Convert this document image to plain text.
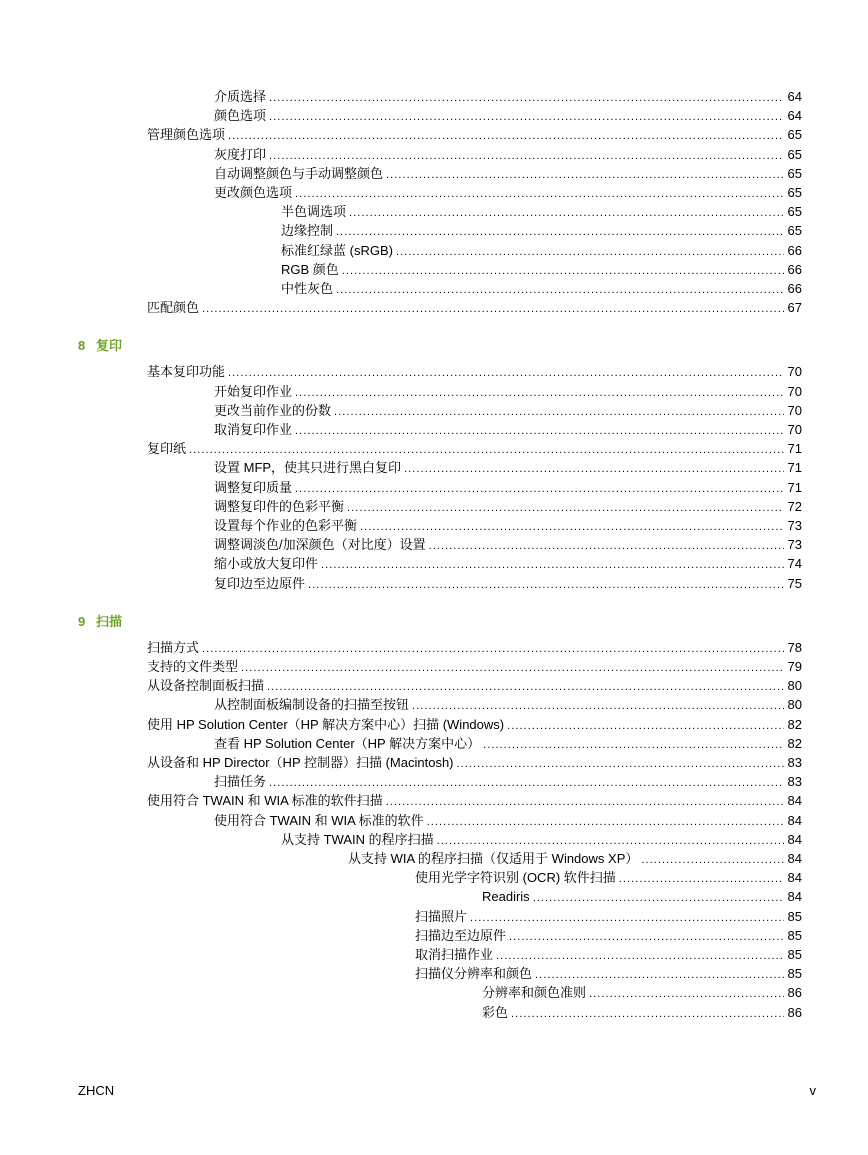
介质选择 . . .	64
颜色选项 . . .	64
管理颜色选项 . . .	65
灰度打印 . . .	65
自动调整颜色与手动调整颜色 . . .	65
更改颜色选项 . . .	65
半色调选项 . . .	65
边缘控制 . . .	65
标准红绿蓝 (sRGB) . . .	66
RGB 颜色 . . .	66
中性灰色 . . .	66
匹配颜色 . . .	67
8 复印
基本复印功能 . . .	70
开始复印作业 . . .	70
更改当前作业的份数 . . .	70
取消复印作业 . . .	70
复印纸 . . .	71
设置 MFP，使其只进行黑白复印 . . .	71
调整复印质量 . . .	71
调整复印件的色彩平衡 . . .	72
设置每个作业的色彩平衡 . . .	73
调整调淡色/加深颜色（对比度）设置 . . .	73
缩小或放大复印件 . . .	74
复印边至边原件 . . .	75
9 扫描
扫描方式 . . .	78
支持的文件类型 . . .	79
从设备控制面板扫描 . . .	80
从控制面板编制设备的扫描至按钮 . . .	80
使用 HP Solution Center（HP 解决方案中心）扫描 (Windows) . . .	82
查看 HP Solution Center（HP 解决方案中心） . . .	82
从设备和 HP Director（HP 控制器）扫描 (Macintosh) . . .	83
扫描任务 . . .	83
使用符合 TWAIN 和 WIA 标准的软件扫描 . . .	84
使用符合 TWAIN 和 WIA 标准的软件 . . .	84
从支持 TWAIN 的程序扫描 . . .	84
从支持 WIA 的程序扫描（仅适用于 Windows XP） . . .	84
使用光学字符识别 (OCR) 软件扫描 . . .	84
Readiris . . .	84
扫描照片 . . .	85
扫描边至边原件 . . .	85
取消扫描作业 . . .	85
扫描仪分辨率和颜色 . . .	85
分辨率和颜色准则 . . .	86
彩色 . . .	86
ZHCN	v
